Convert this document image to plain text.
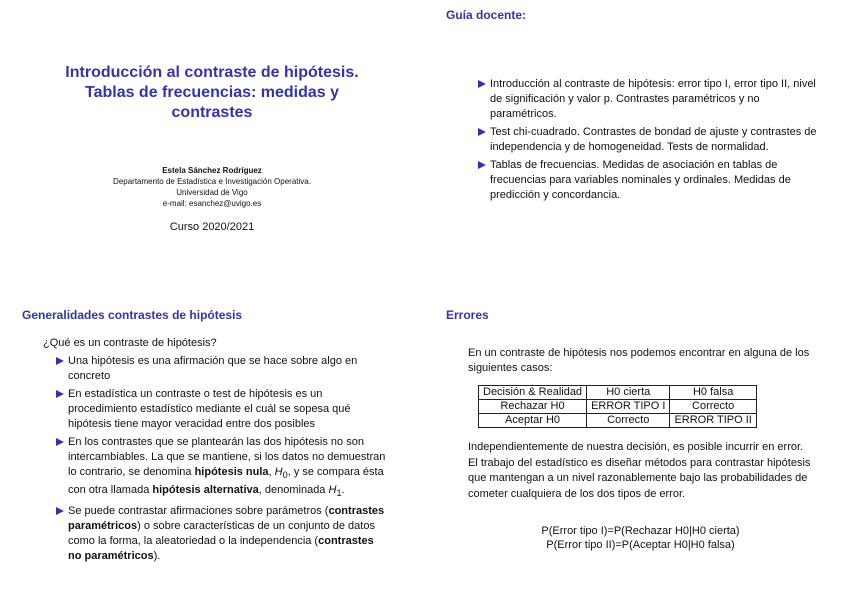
Introducción al contraste de hipótesis.
Tablas de frecuencias: medidas y
contrastes
Estela Sánchez Rodríguez
Departamento de Estadística e Investigación Operativa.
Universidad de Vigo
e-mail: esanchez@uvigo.es
Curso 2020/2021
Guía docente:
Introducción al contraste de hipótesis: error tipo I, error tipo II, nivel de significación y valor p. Contrastes paramétricos y no paramétricos.
Test chi-cuadrado. Contrastes de bondad de ajuste y contrastes de independencia y de homogeneidad. Tests de normalidad.
Tablas de frecuencias. Medidas de asociación en tablas de frecuencias para variables nominales y ordinales. Medidas de predicción y concordancia.
Generalidades contrastes de hipótesis
¿Qué es un contraste de hipótesis?
Una hipótesis es una afirmación que se hace sobre algo en concreto
En estadística un contraste o test de hipótesis es un procedimiento estadístico mediante el cuál se sopesa qué hipótesis tiene mayor veracidad entre dos posibles
En los contrastes que se plantearán las dos hipótesis no son intercambiables. La que se mantiene, si los datos no demuestran lo contrario, se denomina hipótesis nula, $H_0$, y se compara ésta con otra llamada hipótesis alternativa, denominada $H_1$.
Se puede contrastar afirmaciones sobre parámetros (contrastes paramétricos) o sobre características de un conjunto de datos como la forma, la aleatoriedad o la independencia (contrastes no paramétricos).
Errores
En un contraste de hipótesis nos podemos encontrar en alguna de los siguientes casos:
Decisión & Realidad	H0 cierta	H0 falsa
Rechazar H0	ERROR TIPO I	Correcto
Aceptar H0	Correcto	ERROR TIPO II
Independientemente de nuestra decisión, es posible incurrir en error. El trabajo del estadístico es diseñar métodos para contrastar hipótesis que mantengan a un nivel razonablemente bajo las probabilidades de cometer cualquiera de los dos tipos de error.
P(Error tipo I)=P(Rechazar H0|H0 cierta)
P(Error tipo II)=P(Aceptar H0|H0 falsa)
